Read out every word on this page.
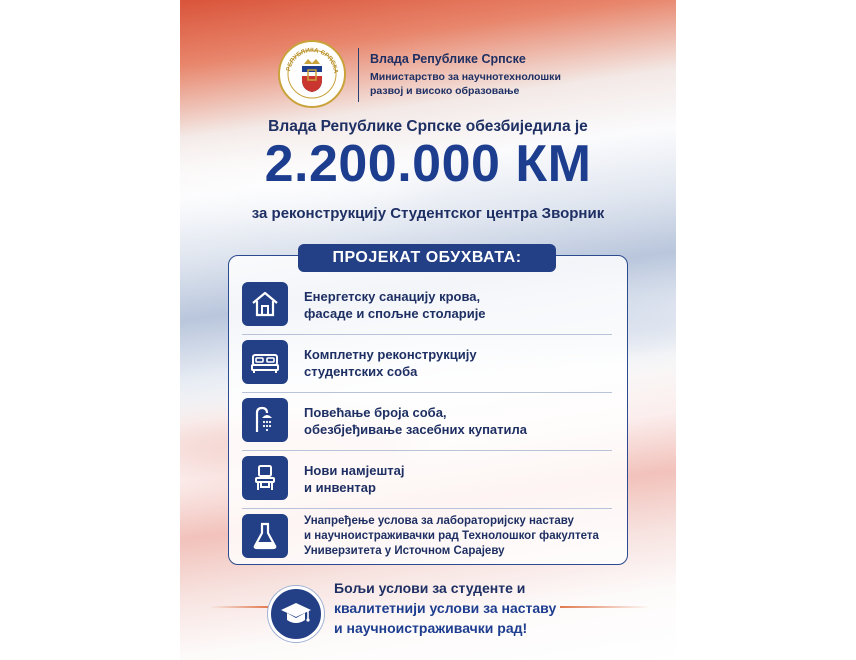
РЕПУБЛИКА СРПСКА
Влада Републике Српске
Министарство за научнотехнолошки
развој и високо образовање
Влада Републике Српске обезбиједила је
2.200.000 КМ
за реконструкцију Студентског центра Зворник
ПРОЈЕКАТ ОБУХВАТА:
Енергетску санацију крова,
фасаде и спољне столарије
Комплетну реконструкцију
студентских соба
Повећање броја соба,
обезбјеђивање засебних купатила
Нови намјештај
и инвентар
Унапређење услова за лабораторијску наставу
и научноистраживачки рад Технолошког факултета
Универзитета у Источном Сарајеву
Бољи услови за студенте и
квалитетнији услови за наставу
и научноистраживачки рад!
